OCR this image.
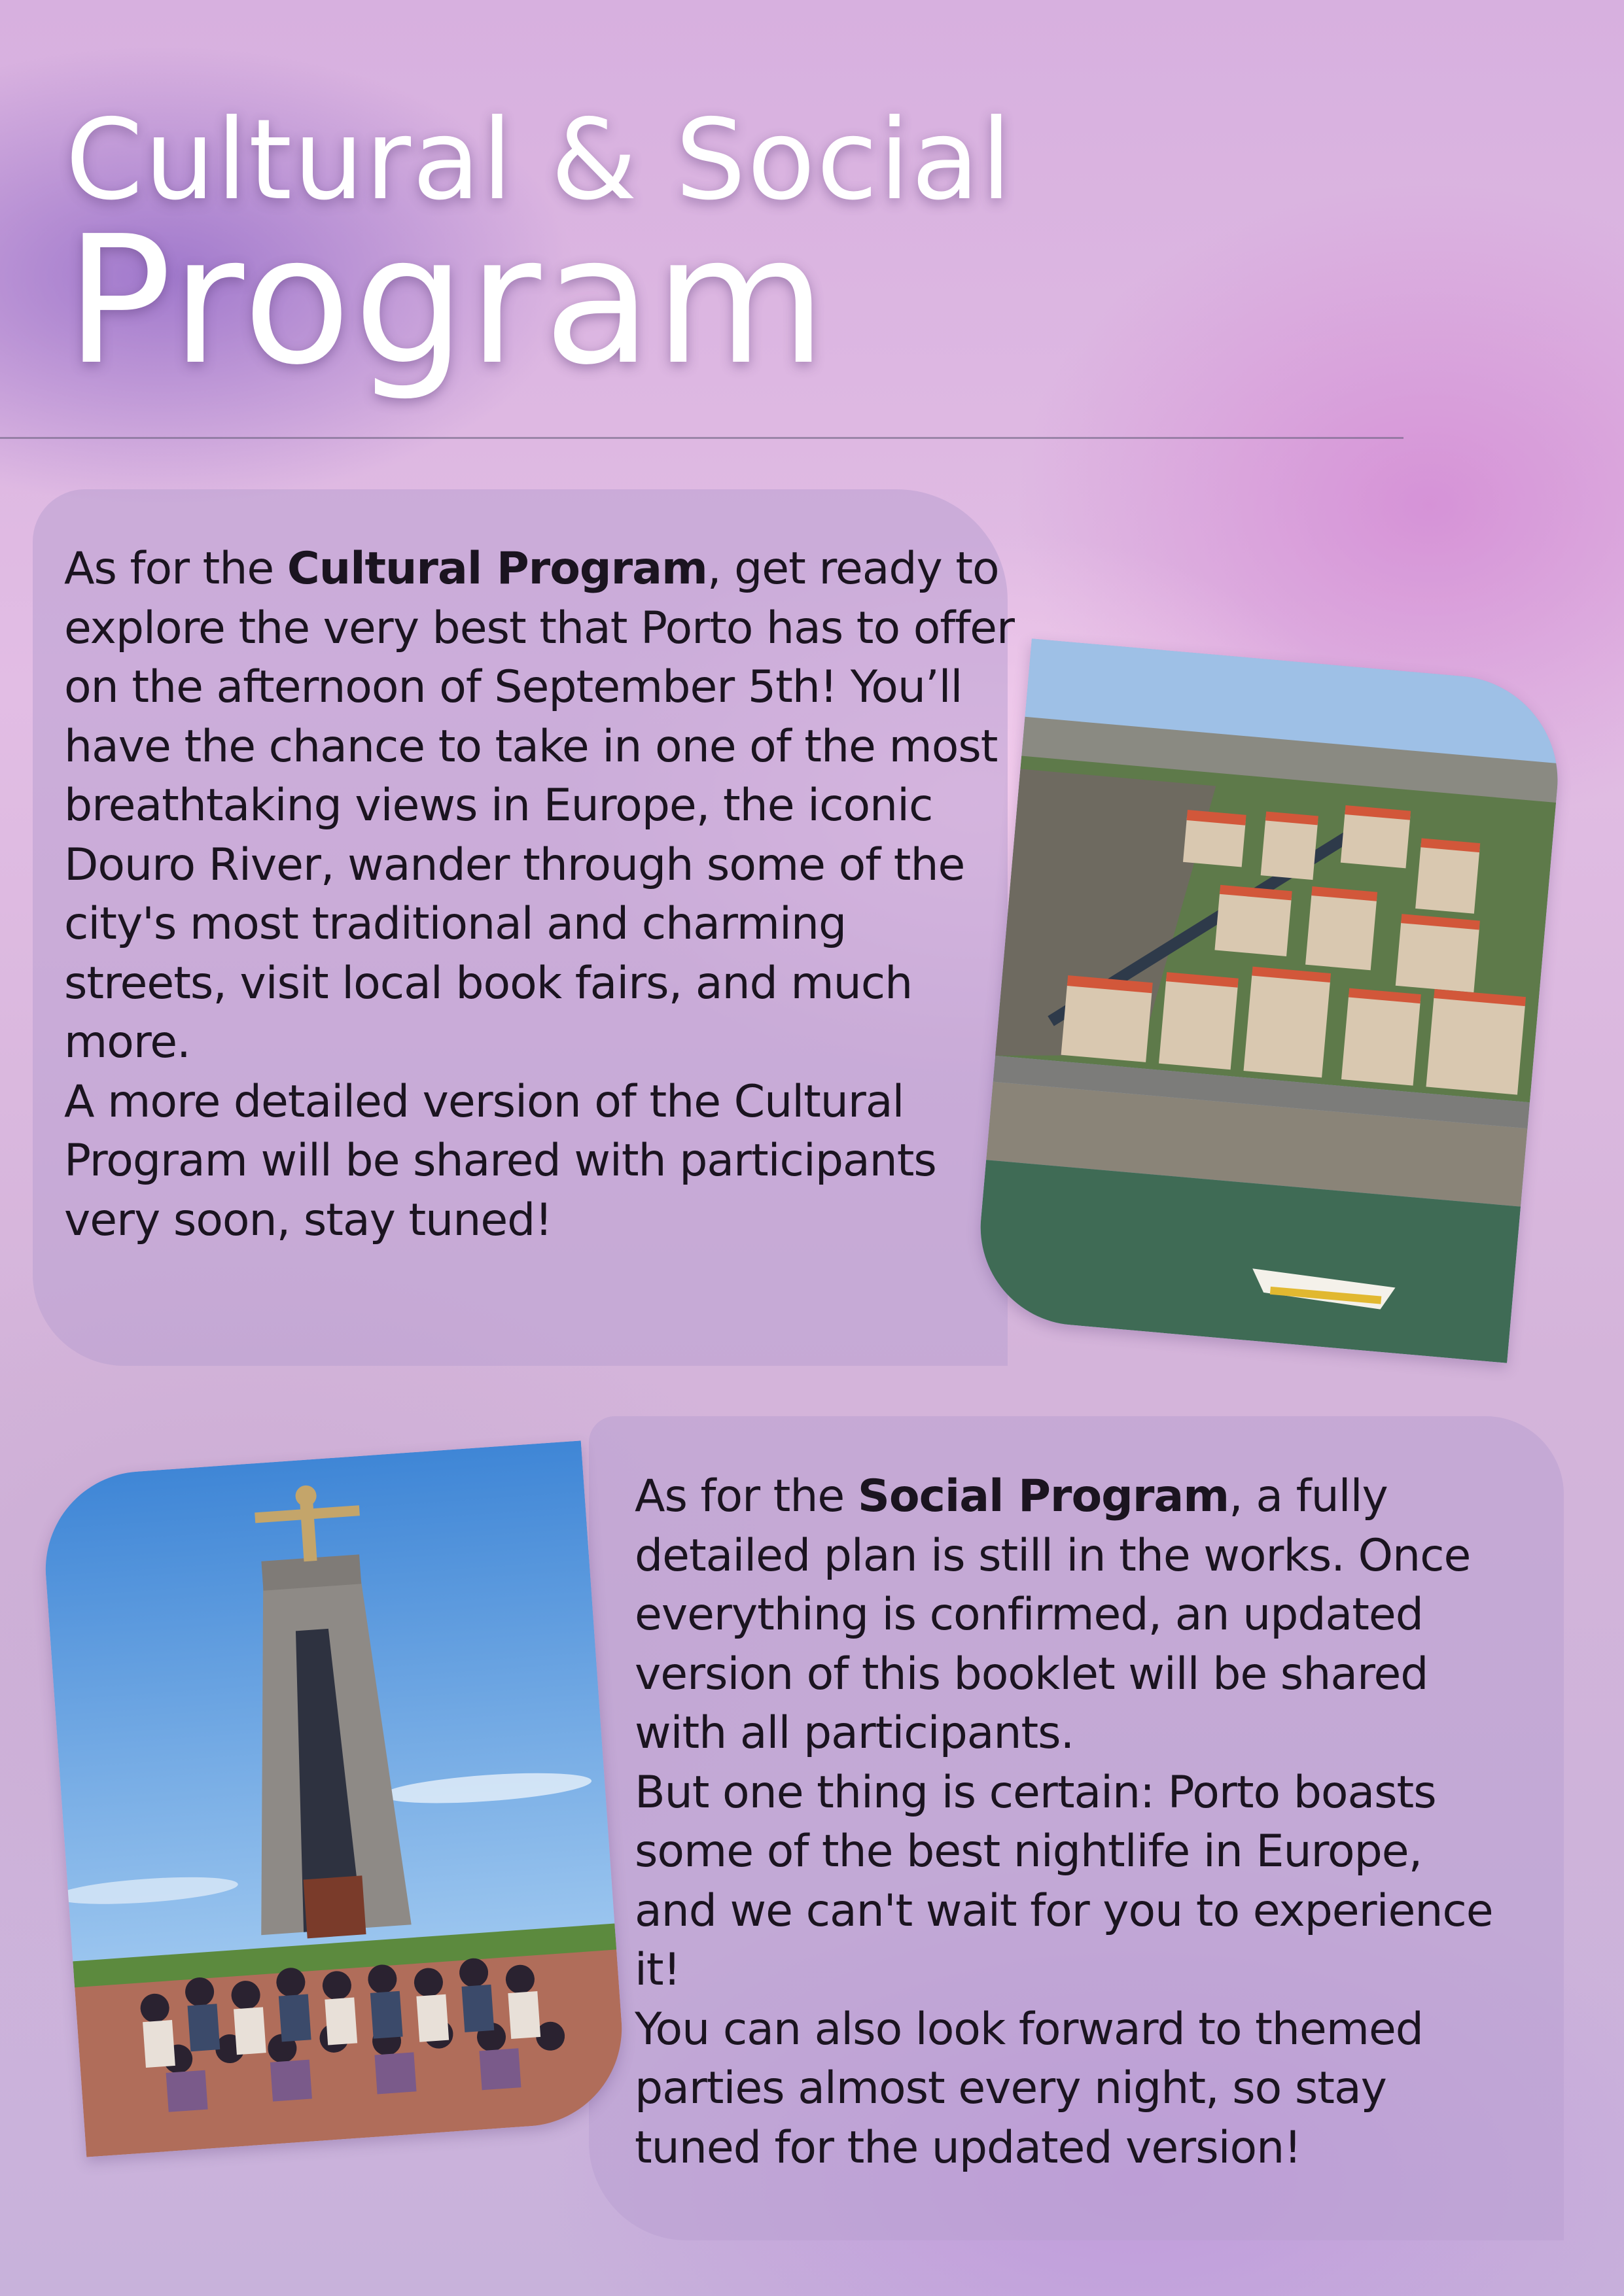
Cultural & Social
Program

As for the Cultural Program, get ready to explore the very best that Porto has to offer on the afternoon of September 5th! You’ll have the chance to take in one of the most breathtaking views in Europe, the iconic Douro River, wander through some of the city's most traditional and charming streets, visit local book fairs, and much more.

A more detailed version of the Cultural Program will be shared with participants very soon, stay tuned!

As for the Social Program, a fully detailed plan is still in the works. Once everything is confirmed, an updated version of this booklet will be shared with all participants.

But one thing is certain: Porto boasts some of the best nightlife in Europe, and we can't wait for you to experience it!

You can also look forward to themed parties almost every night, so stay tuned for the updated version!
